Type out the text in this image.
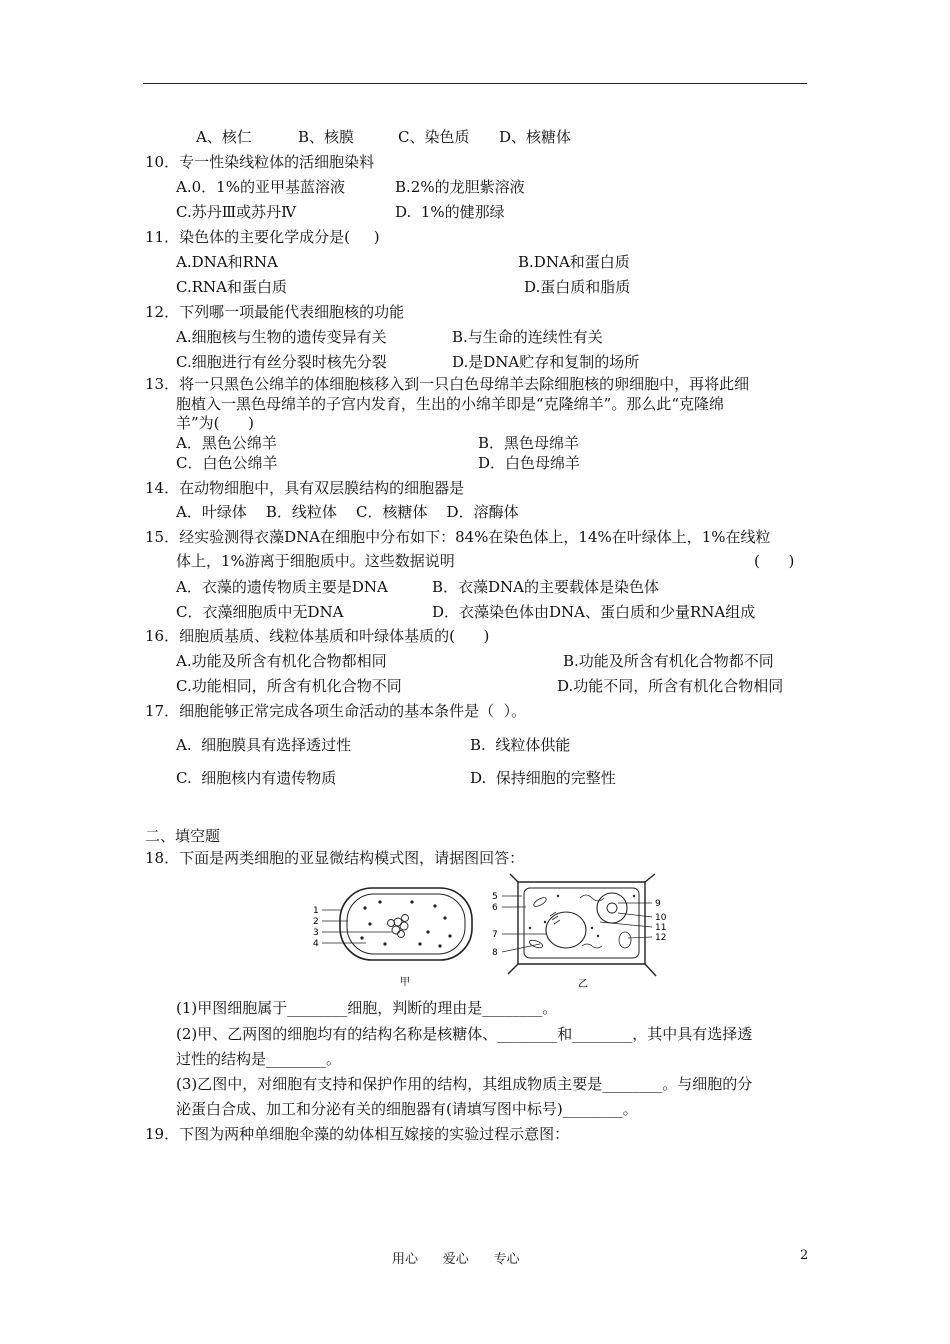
A、核仁	B、核膜	C、染色质 D、核糖体
10．专一性染线粒体的活细胞染料
A.0．1%的亚甲基蓝溶液	B.2%的龙胆紫溶液
C.苏丹Ⅲ或苏丹Ⅳ	D.  1%的健那绿
11．染色体的主要化学成分是(     )
A.DNA和RNA	B.DNA和蛋白质
C.RNA和蛋白质	D.蛋白质和脂质
12．下列哪一项最能代表细胞核的功能
A.细胞核与生物的遗传变异有关	B.与生命的连续性有关
C.细胞进行有丝分裂时核先分裂	D.是DNA贮存和复制的场所
13．将一只黑色公绵羊的体细胞核移入到一只白色母绵羊去除细胞核的卵细胞中，再将此细
胞植入一黑色母绵羊的子宫内发育，生出的小绵羊即是“克隆绵羊”。那么此“克隆绵
羊”为(      )
A．黑色公绵羊	B．黑色母绵羊
C．白色公绵羊	D．白色母绵羊
14．在动物细胞中，具有双层膜结构的细胞器是
A．叶绿体    B．线粒体    C．核糖体    D．溶酶体
15．经实验测得衣藻DNA在细胞中分布如下：84%在染色体上，14%在叶绿体上，1%在线粒
体上，1%游离于细胞质中。这些数据说明	(      )
A．衣藻的遗传物质主要是DNA	B．衣藻DNA的主要载体是染色体
C．衣藻细胞质中无DNA	D．衣藻染色体由DNA、蛋白质和少量RNA组成
16．细胞质基质、线粒体基质和叶绿体基质的(      )
A.功能及所含有机化合物都相同	B.功能及所含有机化合物都不同
C.功能相同，所含有机化合物不同	D.功能不同，所含有机化合物相同
17．细胞能够正常完成各项生命活动的基本条件是（  ）。
A.  细胞膜具有选择透过性	B.  线粒体供能
C.  细胞核内有遗传物质	D.  保持细胞的完整性
二、填空题
18．下面是两类细胞的亚显微结构模式图，请据图回答：
1
2
3
4
甲
5
6
7
8
9
10
11
12
乙
(1)甲图细胞属于________细胞，判断的理由是________。
(2)甲、乙两图的细胞均有的结构名称是核糖体、________和________，其中具有选择透
过性的结构是________。
(3)乙图中，对细胞有支持和保护作用的结构，其组成物质主要是________。与细胞的分
泌蛋白合成、加工和分泌有关的细胞器有(请填写图中标号)________。
19．下图为两种单细胞伞藻的幼体相互嫁接的实验过程示意图：
用心      爱心      专心	2
